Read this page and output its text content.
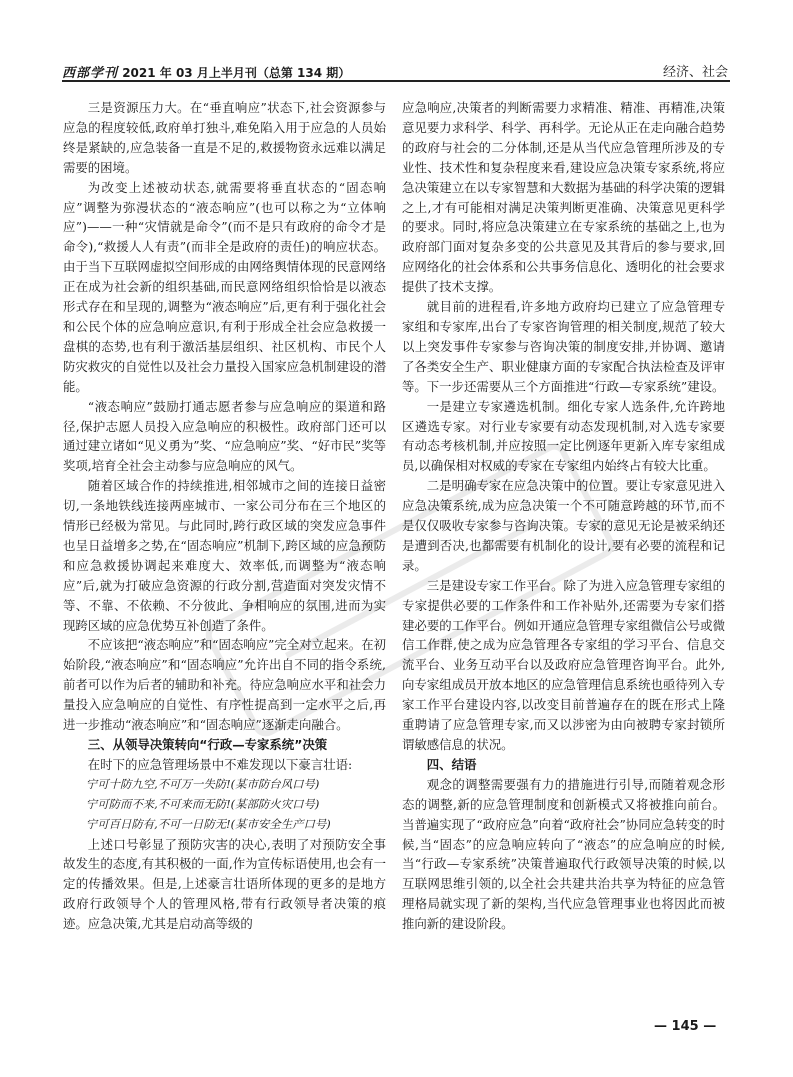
西部学刊 2021 年 03 月上半月刊（总第 134 期）	经济、社会

三是资源压力大。在“垂直响应”状态下,社会资源参与应急的程度较低,政府单打独斗,难免陷入用于应急的人员始终是紧缺的,应急装备一直是不足的,救援物资永远难以满足需要的困境。

为改变上述被动状态,就需要将垂直状态的“固态响应”调整为弥漫状态的“液态响应”(也可以称之为“立体响应”)——一种“灾情就是命令”(而不是只有政府的命令才是命令),“救援人人有责”(而非全是政府的责任)的响应状态。由于当下互联网虚拟空间形成的由网络舆情体现的民意网络正在成为社会新的组织基础,而民意网络组织恰恰是以液态形式存在和呈现的,调整为“液态响应”后,更有利于强化社会和公民个体的应急响应意识,有利于形成全社会应急救援一盘棋的态势,也有利于激活基层组织、社区机构、市民个人防灾救灾的自觉性以及社会力量投入国家应急机制建设的潜能。

“液态响应”鼓励打通志愿者参与应急响应的渠道和路径,保护志愿人员投入应急响应的积极性。政府部门还可以通过建立诸如“见义勇为”奖、“应急响应”奖、“好市民”奖等奖项,培育全社会主动参与应急响应的风气。

随着区域合作的持续推进,相邻城市之间的连接日益密切,一条地铁线连接两座城市、一家公司分布在三个地区的情形已经极为常见。与此同时,跨行政区域的突发应急事件也呈日益增多之势,在“固态响应”机制下,跨区域的应急预防和应急救援协调起来难度大、效率低,而调整为“液态响应”后,就为打破应急资源的行政分割,营造面对突发灾情不等、不靠、不依赖、不分彼此、争相响应的氛围,进而为实现跨区域的应急优势互补创造了条件。

不应该把“液态响应”和“固态响应”完全对立起来。在初始阶段,“液态响应”和“固态响应”允许出自不同的指令系统,前者可以作为后者的辅助和补充。待应急响应水平和社会力量投入应急响应的自觉性、有序性提高到一定水平之后,再进一步推动“液态响应”和“固态响应”逐渐走向融合。

三、从领导决策转向“行政—专家系统”决策

在时下的应急管理场景中不难发现以下豪言壮语:

宁可十防九空,不可万一失防!(某市防台风口号)

宁可防而不来,不可来而无防!(某部防火灾口号)

宁可百日防有,不可一日防无!(某市安全生产口号)

上述口号彰显了预防灾害的决心,表明了对预防安全事故发生的态度,有其积极的一面,作为宣传标语使用,也会有一定的传播效果。但是,上述豪言壮语所体现的更多的是地方政府行政领导个人的管理风格,带有行政领导者决策的痕迹。应急决策,尤其是启动高等级的

应急响应,决策者的判断需要力求精准、精准、再精准,决策意见要力求科学、科学、再科学。无论从正在走向融合趋势的政府与社会的二分体制,还是从当代应急管理所涉及的专业性、技术性和复杂程度来看,建设应急决策专家系统,将应急决策建立在以专家智慧和大数据为基础的科学决策的逻辑之上,才有可能相对满足决策判断更准确、决策意见更科学的要求。同时,将应急决策建立在专家系统的基础之上,也为政府部门面对复杂多变的公共意见及其背后的参与要求,回应网络化的社会体系和公共事务信息化、透明化的社会要求提供了技术支撑。

就目前的进程看,许多地方政府均已建立了应急管理专家组和专家库,出台了专家咨询管理的相关制度,规范了较大以上突发事件专家参与咨询决策的制度安排,并协调、邀请了各类安全生产、职业健康方面的专家配合执法检查及评审等。下一步还需要从三个方面推进“行政—专家系统”建设。

一是建立专家遴选机制。细化专家人选条件,允许跨地区遴选专家。对行业专家要有动态发现机制,对入选专家要有动态考核机制,并应按照一定比例逐年更新入库专家组成员,以确保相对权威的专家在专家组内始终占有较大比重。

二是明确专家在应急决策中的位置。要让专家意见进入应急决策系统,成为应急决策一个不可随意跨越的环节,而不是仅仅吸收专家参与咨询决策。专家的意见无论是被采纳还是遭到否决,也都需要有机制化的设计,要有必要的流程和记录。

三是建设专家工作平台。除了为进入应急管理专家组的专家提供必要的工作条件和工作补贴外,还需要为专家们搭建必要的工作平台。例如开通应急管理专家组微信公号或微信工作群,使之成为应急管理各专家组的学习平台、信息交流平台、业务互动平台以及政府应急管理咨询平台。此外,向专家组成员开放本地区的应急管理信息系统也亟待列入专家工作平台建设内容,以改变目前普遍存在的既在形式上隆重聘请了应急管理专家,而又以涉密为由向被聘专家封锁所谓敏感信息的状况。

四、结语

观念的调整需要强有力的措施进行引导,而随着观念形态的调整,新的应急管理制度和创新模式又将被推向前台。当普遍实现了“政府应急”向着“政府社会”协同应急转变的时候,当“固态”的应急响应转向了“液态”的应急响应的时候,当“行政—专家系统”决策普遍取代行政领导决策的时候,以互联网思维引领的,以全社会共建共治共享为特征的应急管理格局就实现了新的架构,当代应急管理事业也将因此而被推向新的建设阶段。

— 145 —
